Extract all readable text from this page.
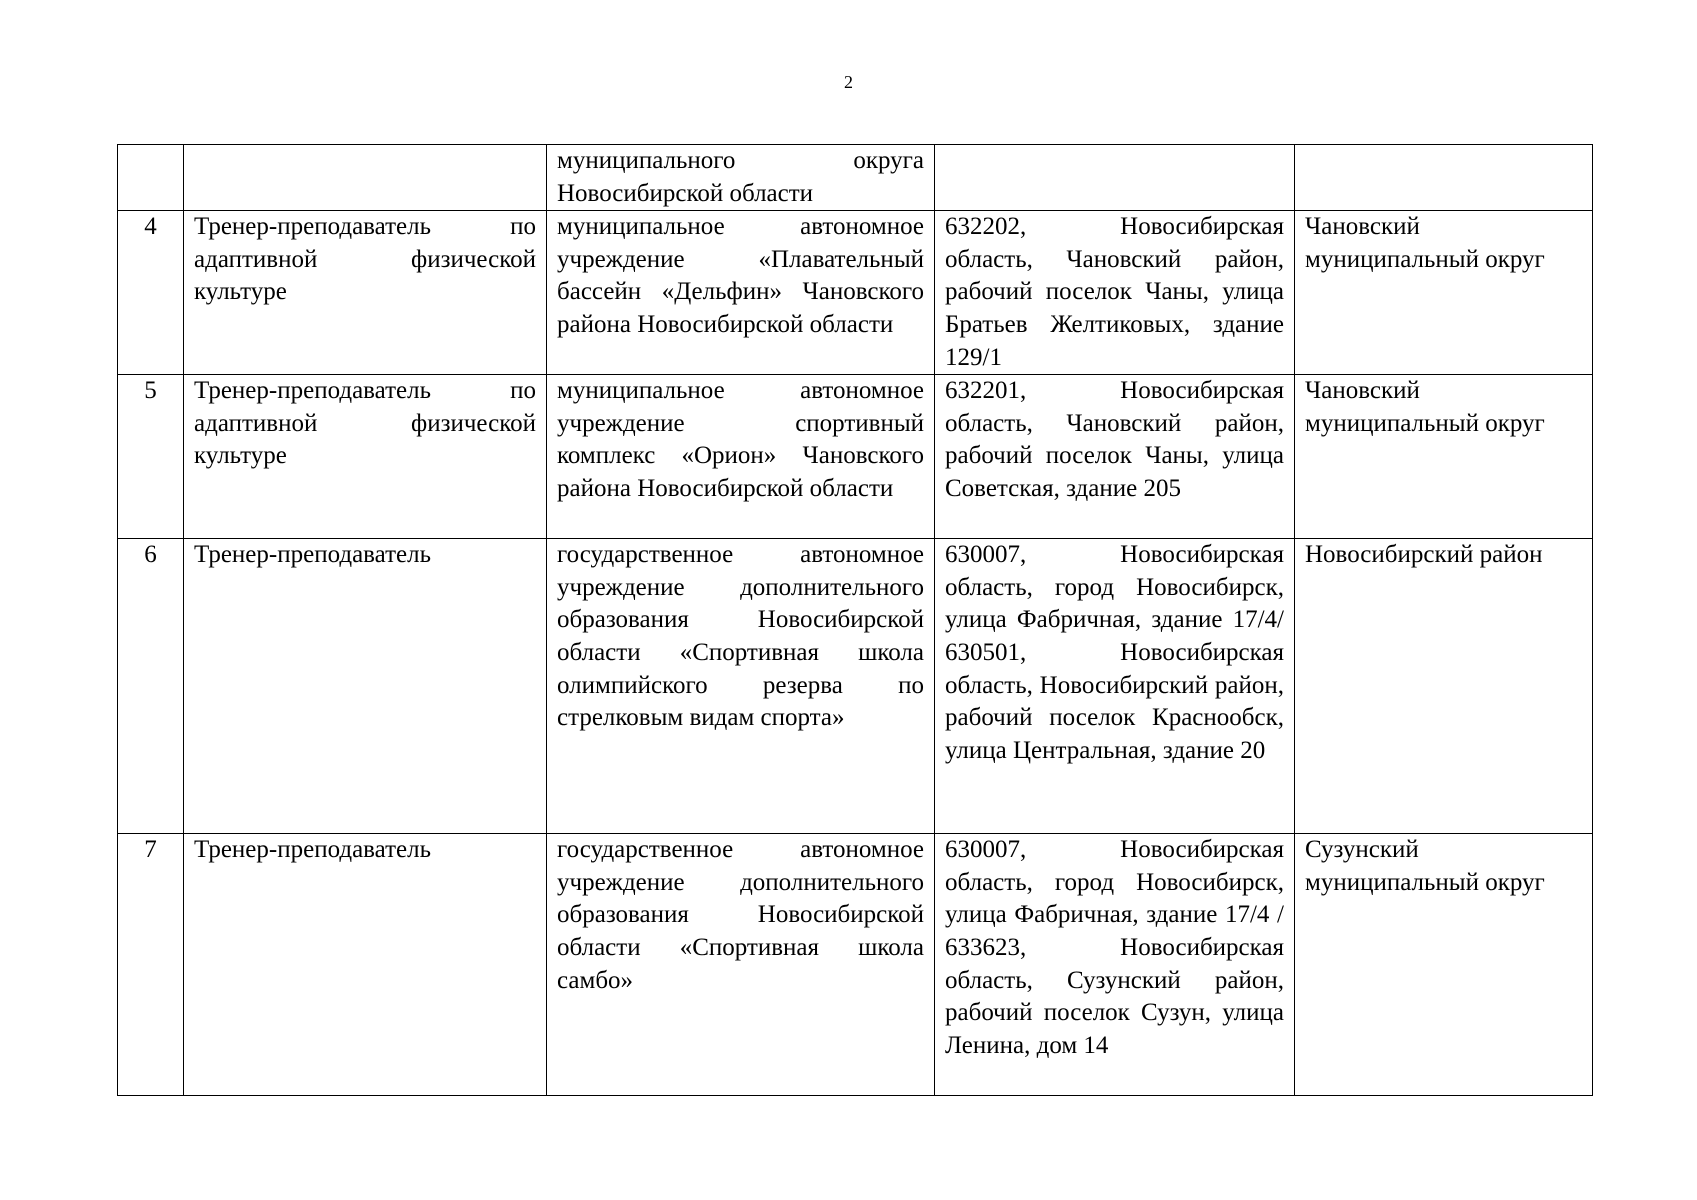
2
		муниципального округа Новосибирской области		
4	Тренер-преподаватель по адаптивной физической культуре	муниципальное автономное учреждение «Плавательный бассейн «Дельфин» Чановского района Новосибирской области	632202, Новосибирская область, Чановский район, рабочий поселок Чаны, улица Братьев Желтиковых, здание 129/1	Чановский муниципальный округ
5	Тренер-преподаватель по адаптивной физической культуре	муниципальное автономное учреждение спортивный комплекс «Орион» Чановского района Новосибирской области	632201, Новосибирская область, Чановский район, рабочий поселок Чаны, улица Советская, здание 205	Чановский муниципальный округ
6	Тренер-преподаватель	государственное автономное учреждение дополнительного образования Новосибирской области «Спортивная школа олимпийского резерва по стрелковым видам спорта»	630007, Новосибирская область, город Новосибирск, улица Фабричная, здание 17/4/ 630501, Новосибирская область, Новосибирский район, рабочий поселок Краснообск, улица Центральная, здание 20	Новосибирский район
7	Тренер-преподаватель	государственное автономное учреждение дополнительного образования Новосибирской области «Спортивная школа самбо»	630007, Новосибирская область, город Новосибирск, улица Фабричная, здание 17/4 / 633623, Новосибирская область, Сузунский район, рабочий поселок Сузун, улица Ленина, дом 14	Сузунский муниципальный округ
